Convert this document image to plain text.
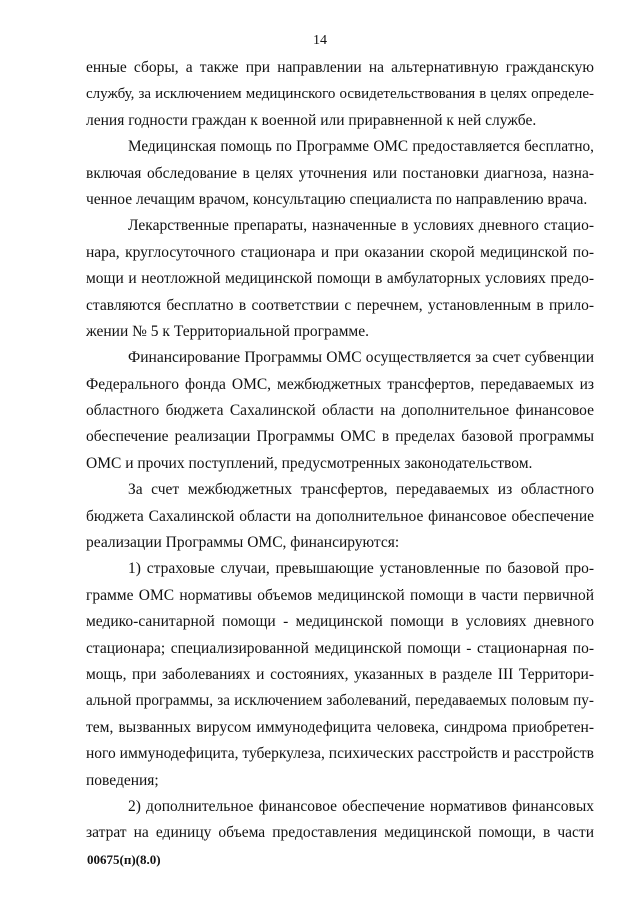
14
енные сборы, а также при направлении на альтернативную гражданскую
службу, за исключением медицинского освидетельствования в целях определе-
ления годности граждан к военной или приравненной к ней службе.
Медицинская помощь по Программе ОМС предоставляется бесплатно,
включая обследование в целях уточнения или постановки диагноза, назна-
ченное лечащим врачом, консультацию специалиста по направлению врача.
Лекарственные препараты, назначенные в условиях дневного стацио-
нара, круглосуточного стационара и при оказании скорой медицинской по-
мощи и неотложной медицинской помощи в амбулаторных условиях предо-
ставляются бесплатно в соответствии с перечнем, установленным в прило-
жении № 5 к Территориальной программе.
Финансирование Программы ОМС осуществляется за счет субвенции
Федерального фонда ОМС, межбюджетных трансфертов, передаваемых из
областного бюджета Сахалинской области на дополнительное финансовое
обеспечение реализации Программы ОМС в пределах базовой программы
ОМС и прочих поступлений, предусмотренных законодательством.
За счет межбюджетных трансфертов, передаваемых из областного
бюджета Сахалинской области на дополнительное финансовое обеспечение
реализации Программы ОМС, финансируются:
1) страховые случаи, превышающие установленные по базовой про-
грамме ОМС нормативы объемов медицинской помощи в части первичной
медико-санитарной помощи - медицинской помощи в условиях дневного
стационара; специализированной медицинской помощи - стационарная по-
мощь, при заболеваниях и состояниях, указанных в разделе III Территори-
альной программы, за исключением заболеваний, передаваемых половым пу-
тем, вызванных вирусом иммунодефицита человека, синдрома приобретен-
ного иммунодефицита, туберкулеза, психических расстройств и расстройств
поведения;
2) дополнительное финансовое обеспечение нормативов финансовых
затрат на единицу объема предоставления медицинской помощи, в части
00675(п)(8.0)
